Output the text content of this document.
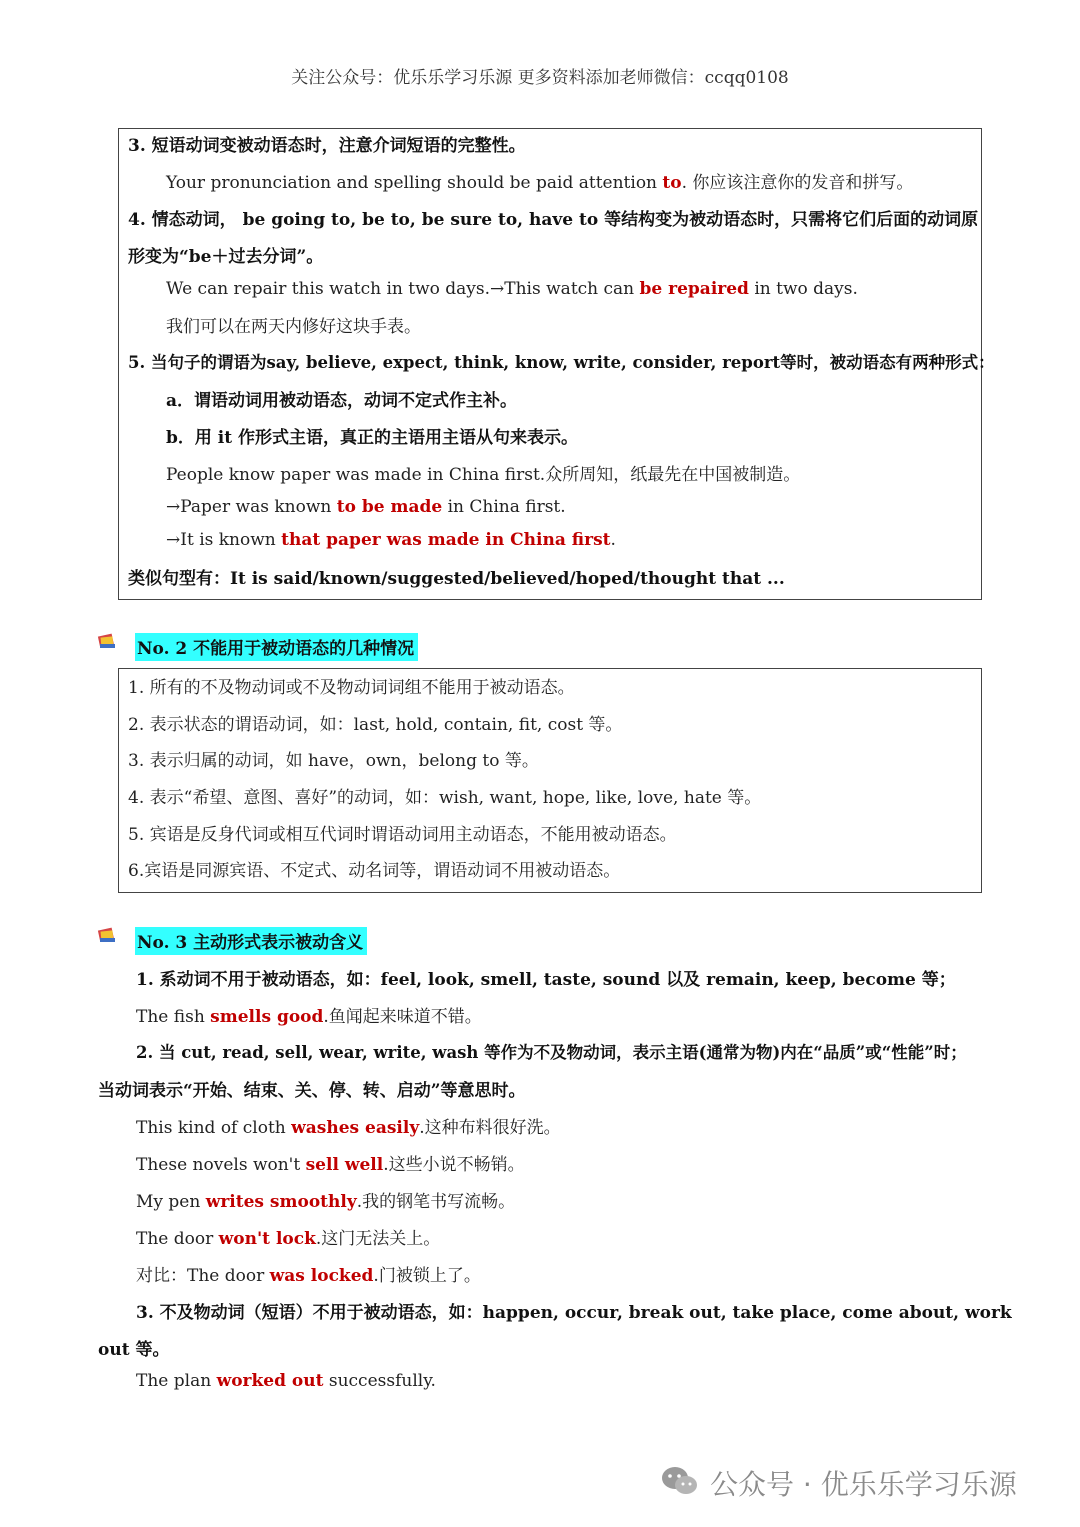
关注公众号：优乐乐学习乐源 更多资料添加老师微信：ccqq0108
3. 短语动词变被动语态时，注意介词短语的完整性。
Your pronunciation and spelling should be paid attention to. 你应该注意你的发音和拼写。
4. 情态动词， be going to, be to, be sure to, have to 等结构变为被动语态时，只需将它们后面的动词原
形变为“be＋过去分词”。
We can repair this watch in two days.→This watch can be repaired in two days.
我们可以在两天内修好这块手表。
5. 当句子的谓语为say, believe, expect, think, know, write, consider, report等时，被动语态有两种形式：
a．谓语动词用被动语态，动词不定式作主补。
b．用 it 作形式主语，真正的主语用主语从句来表示。
People know paper was made in China first.众所周知，纸最先在中国被制造。
→Paper was known to be made in China first.
→It is known that paper was made in China first.
类似句型有：It is said/known/suggested/believed/hoped/thought that ...
No. 2 不能用于被动语态的几种情况
1. 所有的不及物动词或不及物动词词组不能用于被动语态。
2. 表示状态的谓语动词，如：last, hold, contain, fit, cost 等。
3. 表示归属的动词，如 have，own，belong to 等。
4. 表示“希望、意图、喜好”的动词，如：wish, want, hope, like, love, hate 等。
5. 宾语是反身代词或相互代词时谓语动词用主动语态，不能用被动语态。
6.宾语是同源宾语、不定式、动名词等，谓语动词不用被动语态。
No. 3 主动形式表示被动含义
1. 系动词不用于被动语态，如：feel, look, smell, taste, sound 以及 remain, keep, become 等；
The fish smells good.鱼闻起来味道不错。
2. 当 cut, read, sell, wear, write, wash 等作为不及物动词，表示主语(通常为物)内在“品质”或“性能”时；
当动词表示“开始、结束、关、停、转、启动”等意思时。
This kind of cloth washes easily.这种布料很好洗。
These novels won't sell well.这些小说不畅销。
My pen writes smoothly.我的钢笔书写流畅。
The door won't lock.这门无法关上。
对比：The door was locked.门被锁上了。
3. 不及物动词（短语）不用于被动语态，如：happen, occur, break out, take place, come about, work
out 等。
The plan worked out successfully.
公众号 · 优乐乐学习乐源
